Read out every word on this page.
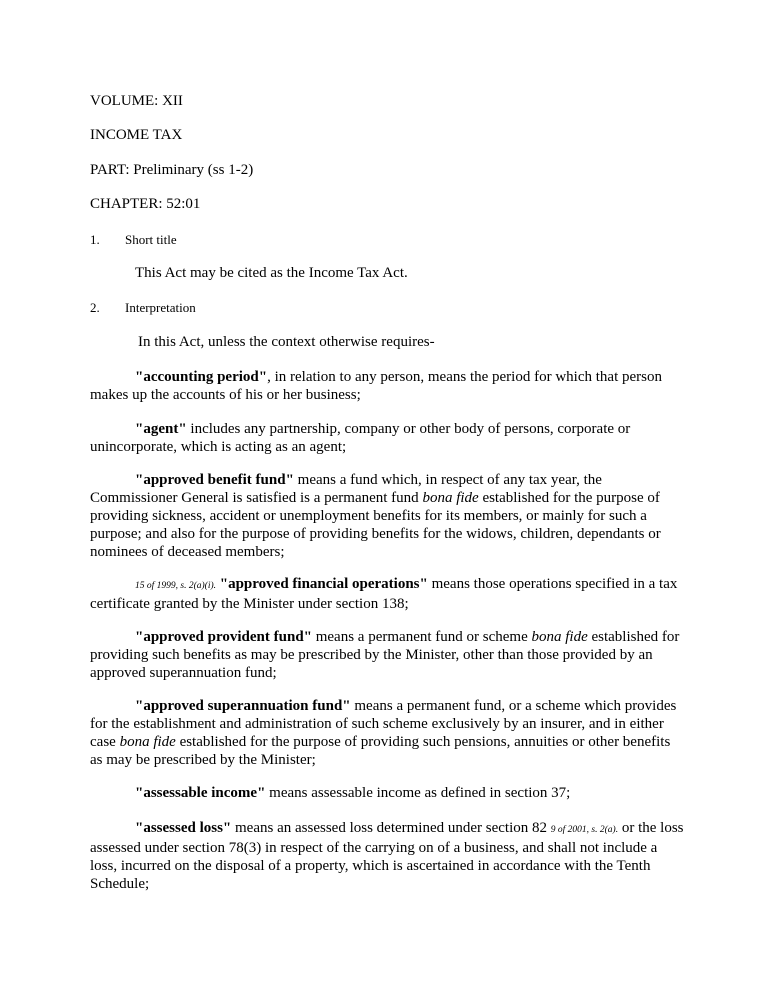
VOLUME: XII
INCOME TAX
PART: Preliminary (ss 1-2)
CHAPTER: 52:01
1. Short title
This Act may be cited as the Income Tax Act.
2. Interpretation
In this Act, unless the context otherwise requires-

"accounting period", in relation to any person, means the period for which that person makes up the accounts of his or her business;

"agent" includes any partnership, company or other body of persons, corporate or unincorporate, which is acting as an agent;

"approved benefit fund" means a fund which, in respect of any tax year, the Commissioner General is satisfied is a permanent fund bona fide established for the purpose of providing sickness, accident or unemployment benefits for its members, or mainly for such a purpose; and also for the purpose of providing benefits for the widows, children, dependants or nominees of deceased members;

15 of 1999, s. 2(a)(i). "approved financial operations" means those operations specified in a tax certificate granted by the Minister under section 138;

"approved provident fund" means a permanent fund or scheme bona fide established for providing such benefits as may be prescribed by the Minister, other than those provided by an approved superannuation fund;

"approved superannuation fund" means a permanent fund, or a scheme which provides for the establishment and administration of such scheme exclusively by an insurer, and in either case bona fide established for the purpose of providing such pensions, annuities or other benefits as may be prescribed by the Minister;

"assessable income" means assessable income as defined in section 37;

"assessed loss" means an assessed loss determined under section 82 9 of 2001, s. 2(a). or the loss assessed under section 78(3) in respect of the carrying on of a business, and shall not include a loss, incurred on the disposal of a property, which is ascertained in accordance with the Tenth Schedule;
